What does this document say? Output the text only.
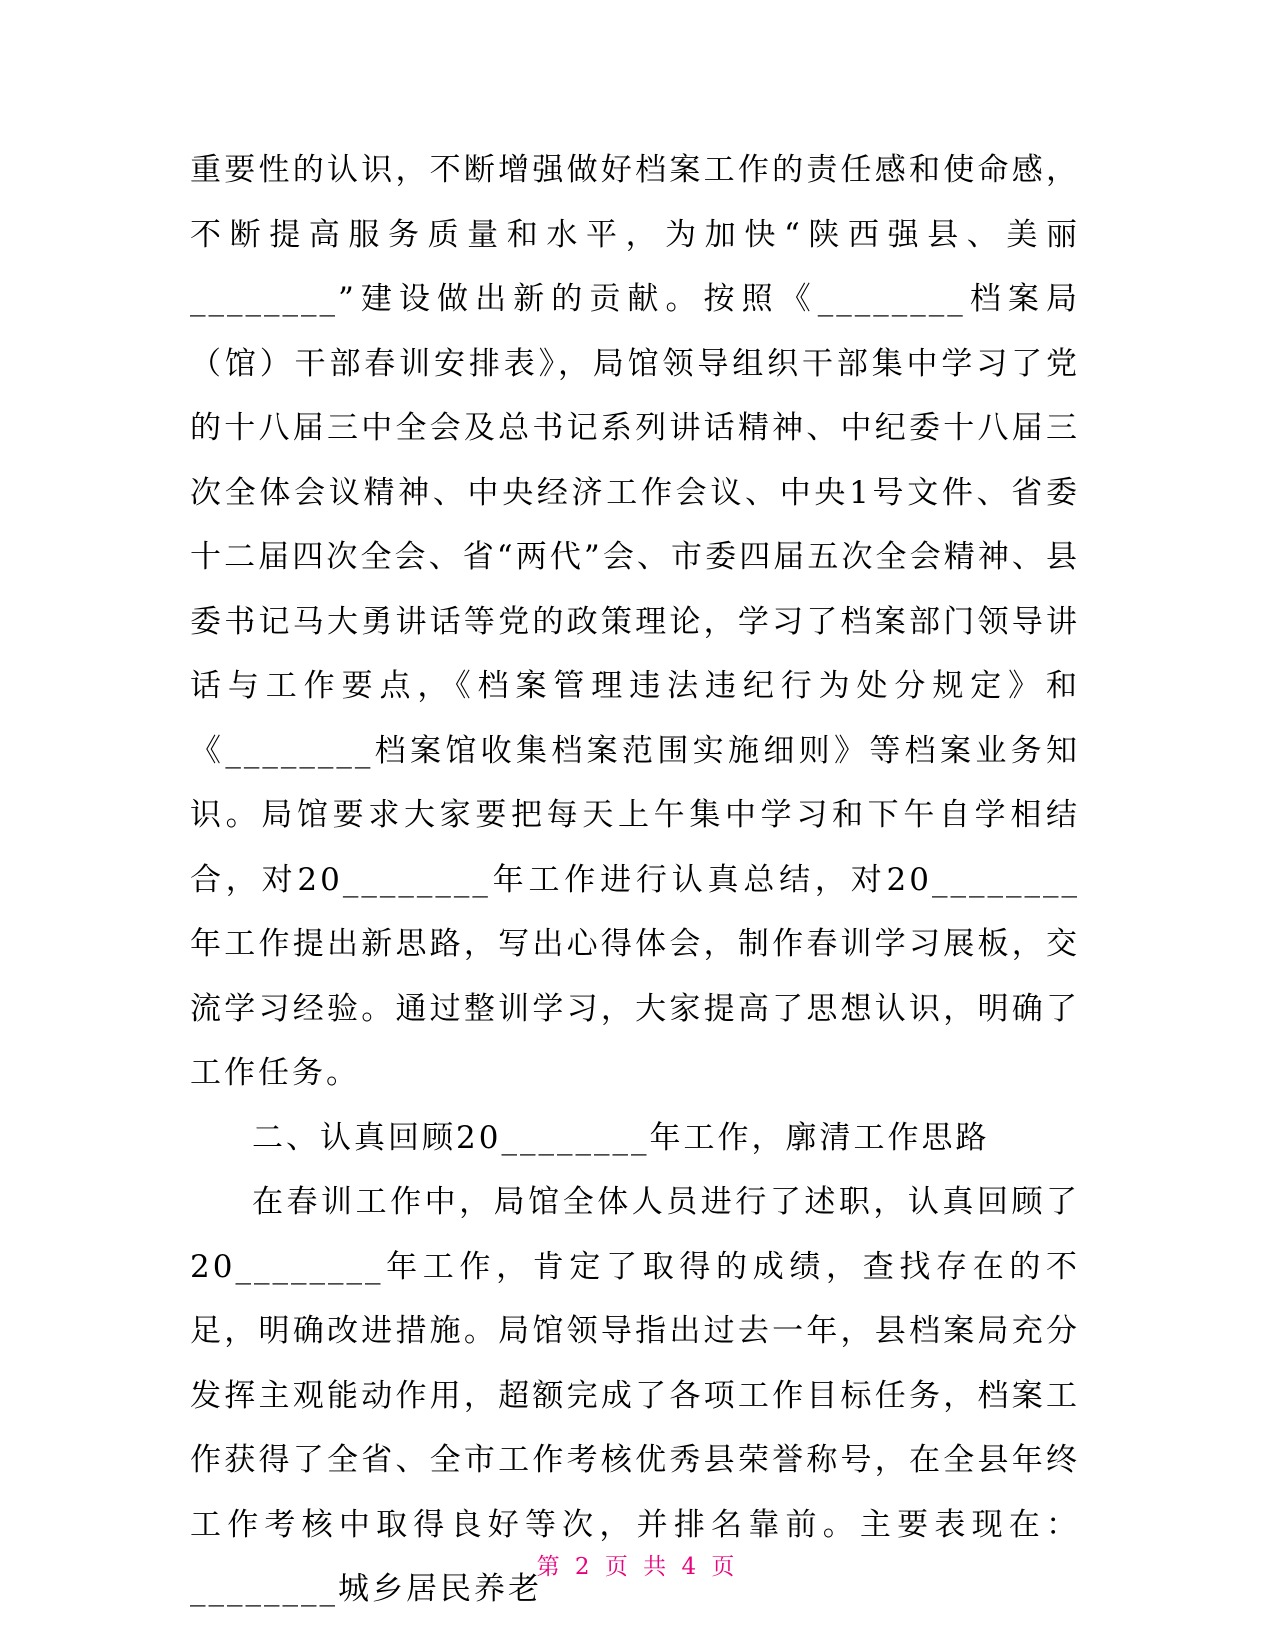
重要性的认识，不断增强做好档案工作的责任感和使命感，不断提高服务质量和水平，为加快“陕西强县、美丽________”建设做出新的贡献。按照《________档案局（馆）干部春训安排表》，局馆领导组织干部集中学习了党的十八届三中全会及总书记系列讲话精神、中纪委十八届三次全体会议精神、中央经济工作会议、中央1号文件、省委十二届四次全会、省“两代”会、市委四届五次全会精神、县委书记马大勇讲话等党的政策理论，学习了档案部门领导讲话与工作要点，《档案管理违法违纪行为处分规定》和《________档案馆收集档案范围实施细则》等档案业务知识。局馆要求大家要把每天上午集中学习和下午自学相结合，对20________年工作进行认真总结，对20________年工作提出新思路，写出心得体会，制作春训学习展板，交流学习经验。通过整训学习，大家提高了思想认识，明确了工作任务。

二、认真回顾20________年工作，廓清工作思路

在春训工作中，局馆全体人员进行了述职，认真回顾了20________年工作，肯定了取得的成绩，查找存在的不足，明确改进措施。局馆领导指出过去一年，县档案局充分发挥主观能动作用，超额完成了各项工作目标任务，档案工作获得了全省、全市工作考核优秀县荣誉称号，在全县年终工作考核中取得良好等次，并排名靠前。主要表现在：________城乡居民养老

第 2 页 共 4 页
